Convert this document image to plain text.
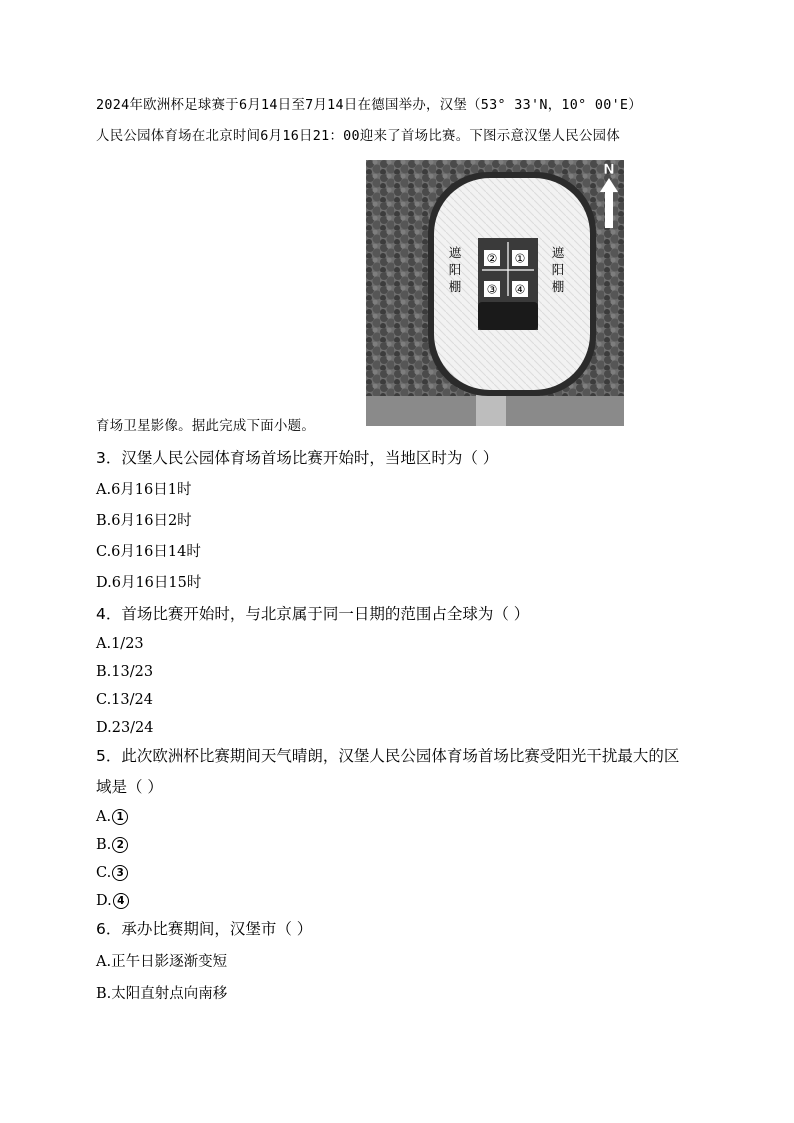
2024年欧洲杯足球赛于6月14日至7月14日在德国举办，汉堡（53° 33'N，10° 00'E）
人民公园体育场在北京时间6月16日21：00迎来了首场比赛。下图示意汉堡人民公园体
② ①
③ ④
遮阳棚
遮阳棚
N
育场卫星影像。据此完成下面小题。
3．汉堡人民公园体育场首场比赛开始时，当地区时为（ ）
A.6月16日1时
B.6月16日2时
C.6月16日14时
D.6月16日15时
4．首场比赛开始时，与北京属于同一日期的范围占全球为（ ）
A.1/23
B.13/23
C.13/24
D.23/24
5．此次欧洲杯比赛期间天气晴朗，汉堡人民公园体育场首场比赛受阳光干扰最大的区
域是（ ）
A. 1
B. 2
C. 3
D. 4
6．承办比赛期间，汉堡市（ ）
A.正午日影逐渐变短
B.太阳直射点向南移
